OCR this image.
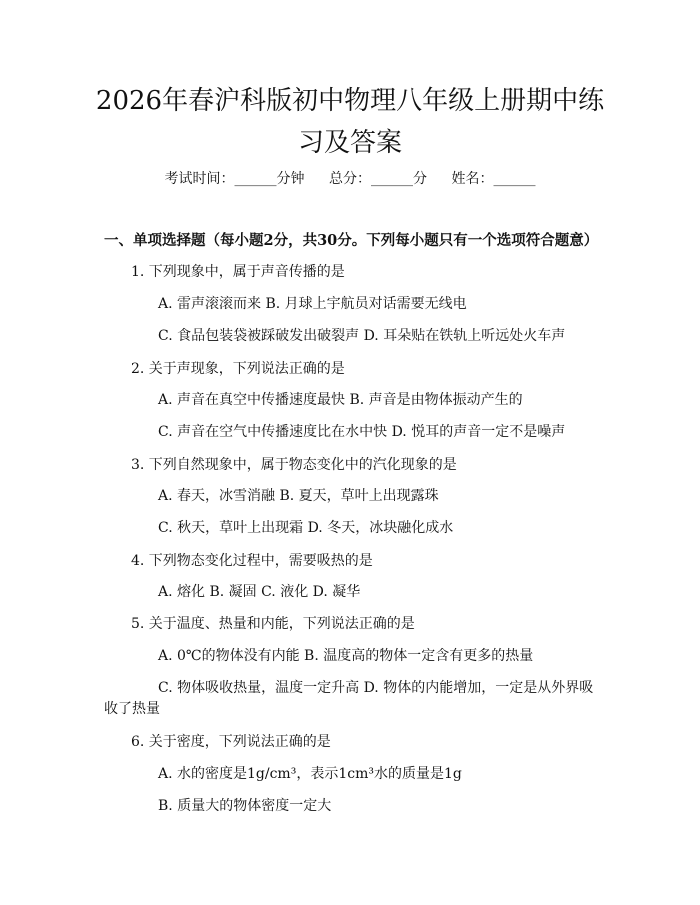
2026年春沪科版初中物理八年级上册期中练
习及答案
考试时间：______分钟 总分：______分 姓名：______
一、单项选择题（每小题2分，共30分。下列每小题只有一个选项符合题意）
1. 下列现象中，属于声音传播的是
A. 雷声滚滚而来 B. 月球上宇航员对话需要无线电
C. 食品包装袋被踩破发出破裂声 D. 耳朵贴在铁轨上听远处火车声
2. 关于声现象，下列说法正确的是
A. 声音在真空中传播速度最快 B. 声音是由物体振动产生的
C. 声音在空气中传播速度比在水中快 D. 悦耳的声音一定不是噪声
3. 下列自然现象中，属于物态变化中的汽化现象的是
A. 春天，冰雪消融 B. 夏天，草叶上出现露珠
C. 秋天，草叶上出现霜 D. 冬天，冰块融化成水
4. 下列物态变化过程中，需要吸热的是
A. 熔化 B. 凝固 C. 液化 D. 凝华
5. 关于温度、热量和内能，下列说法正确的是
A. 0℃的物体没有内能 B. 温度高的物体一定含有更多的热量
C. 物体吸收热量，温度一定升高 D. 物体的内能增加，一定是从外界吸
收了热量
6. 关于密度，下列说法正确的是
A. 水的密度是1g/cm³，表示1cm³水的质量是1g
B. 质量大的物体密度一定大
